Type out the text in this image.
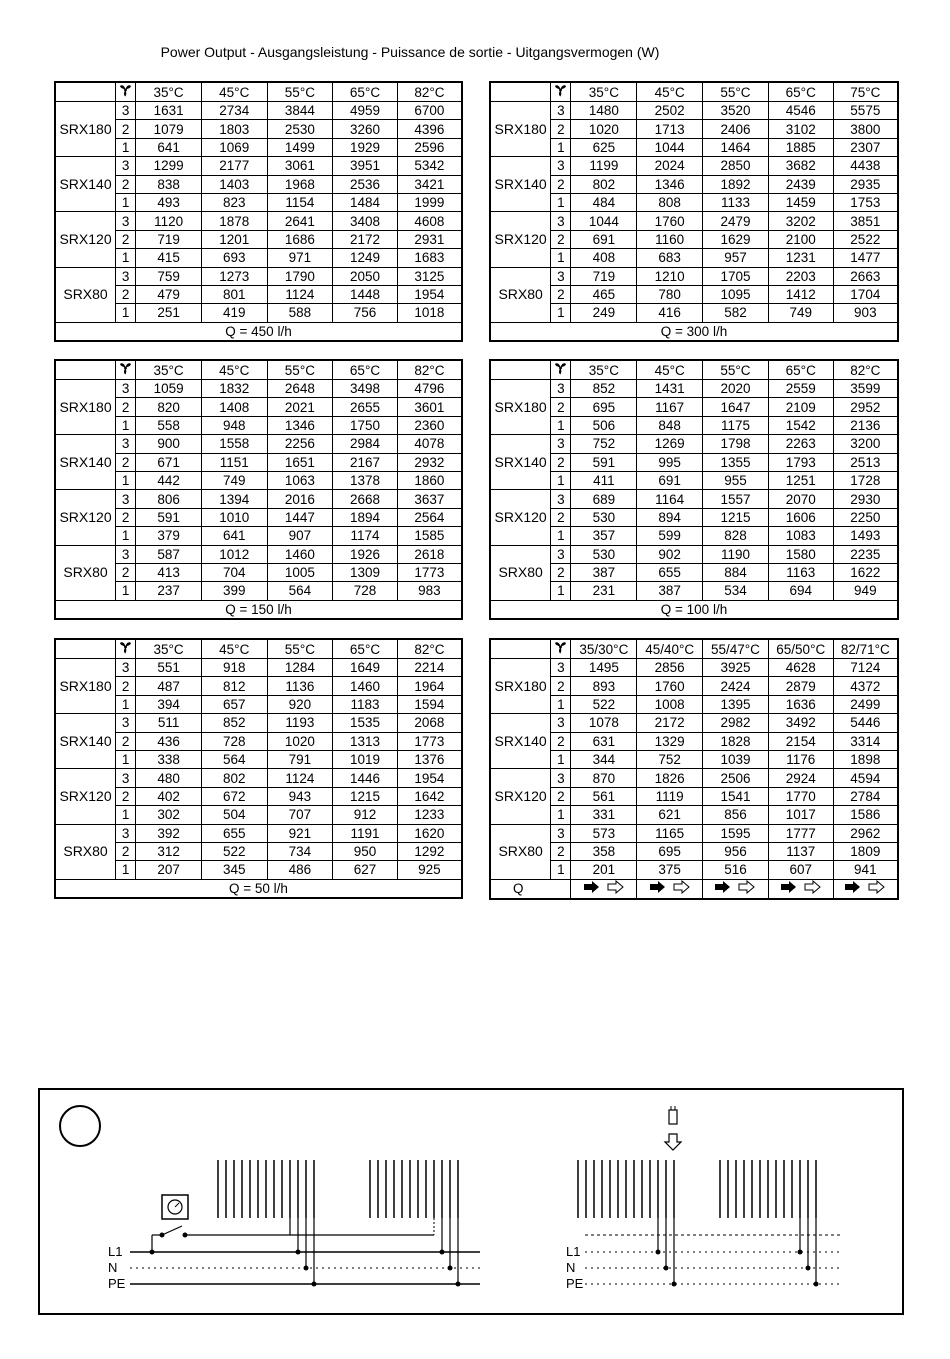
Power Output - Ausgangsleistung - Puissance de sortie - Uitgangsvermogen (W)
		35°C	45°C	55°C	65°C	82°C
SRX180	3	1631	2734	3844	4959	6700
	2	1079	1803	2530	3260	4396
	1	641	1069	1499	1929	2596
SRX140	3	1299	2177	3061	3951	5342
	2	838	1403	1968	2536	3421
	1	493	823	1154	1484	1999
SRX120	3	1120	1878	2641	3408	4608
	2	719	1201	1686	2172	2931
	1	415	693	971	1249	1683
SRX80	3	759	1273	1790	2050	3125
	2	479	801	1124	1448	1954
	1	251	419	588	756	1018
Q = 450 l/h						
		35°C	45°C	55°C	65°C	75°C
SRX180	3	1480	2502	3520	4546	5575
	2	1020	1713	2406	3102	3800
	1	625	1044	1464	1885	2307
SRX140	3	1199	2024	2850	3682	4438
	2	802	1346	1892	2439	2935
	1	484	808	1133	1459	1753
SRX120	3	1044	1760	2479	3202	3851
	2	691	1160	1629	2100	2522
	1	408	683	957	1231	1477
SRX80	3	719	1210	1705	2203	2663
	2	465	780	1095	1412	1704
	1	249	416	582	749	903
Q = 300 l/h						
		35°C	45°C	55°C	65°C	82°C
SRX180	3	1059	1832	2648	3498	4796
	2	820	1408	2021	2655	3601
	1	558	948	1346	1750	2360
SRX140	3	900	1558	2256	2984	4078
	2	671	1151	1651	2167	2932
	1	442	749	1063	1378	1860
SRX120	3	806	1394	2016	2668	3637
	2	591	1010	1447	1894	2564
	1	379	641	907	1174	1585
SRX80	3	587	1012	1460	1926	2618
	2	413	704	1005	1309	1773
	1	237	399	564	728	983
Q = 150 l/h						
		35°C	45°C	55°C	65°C	82°C
SRX180	3	852	1431	2020	2559	3599
	2	695	1167	1647	2109	2952
	1	506	848	1175	1542	2136
SRX140	3	752	1269	1798	2263	3200
	2	591	995	1355	1793	2513
	1	411	691	955	1251	1728
SRX120	3	689	1164	1557	2070	2930
	2	530	894	1215	1606	2250
	1	357	599	828	1083	1493
SRX80	3	530	902	1190	1580	2235
	2	387	655	884	1163	1622
	1	231	387	534	694	949
Q = 100 l/h						
		35°C	45°C	55°C	65°C	82°C
SRX180	3	551	918	1284	1649	2214
	2	487	812	1136	1460	1964
	1	394	657	920	1183	1594
SRX140	3	511	852	1193	1535	2068
	2	436	728	1020	1313	1773
	1	338	564	791	1019	1376
SRX120	3	480	802	1124	1446	1954
	2	402	672	943	1215	1642
	1	302	504	707	912	1233
SRX80	3	392	655	921	1191	1620
	2	312	522	734	950	1292
	1	207	345	486	627	925
Q = 50 l/h						
		35/30°C	45/40°C	55/47°C	65/50°C	82/71°C
SRX180	3	1495	2856	3925	4628	7124
	2	893	1760	2424	2879	4372
	1	522	1008	1395	1636	2499
SRX140	3	1078	2172	2982	3492	5446
	2	631	1329	1828	2154	3314
	1	344	752	1039	1176	1898
SRX120	3	870	1826	2506	2924	4594
	2	561	1119	1541	1770	2784
	1	331	621	856	1017	1586
SRX80	3	573	1165	1595	1777	2962
	2	358	695	956	1137	1809
	1	201	375	516	607	941
Q	

L1
N
PE
L1
N
PE
